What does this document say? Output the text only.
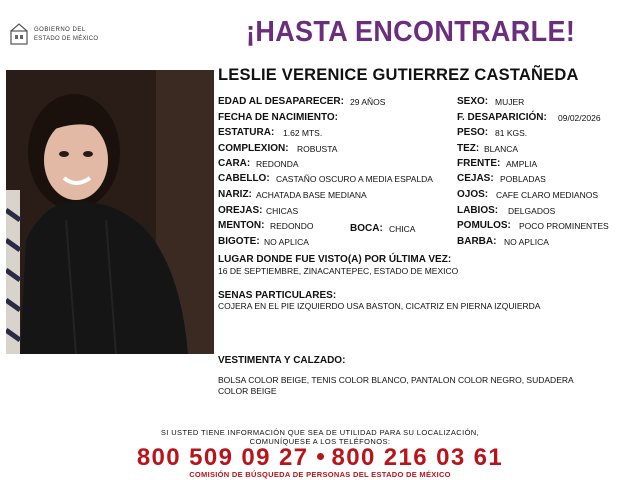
GOBIERNO DEL
ESTADO DE MÉXICO	¡HASTA ENCONTRARLE!
LESLIE VERENICE GUTIERREZ CASTAÑEDA
EDAD AL DESAPARECER: 29 AÑOS
FECHA DE NACIMIENTO:
ESTATURA: 1.62 MTS.
COMPLEXION: ROBUSTA
CARA: REDONDA
CABELLO: CASTAÑO OSCURO A MEDIA ESPALDA
NARIZ: ACHATADA BASE MEDIANA
OREJAS: CHICAS
MENTON: REDONDO	BOCA: CHICA
BIGOTE: NO APLICA
SEXO: MUJER
F. DESAPARICIÓN: 09/02/2026
PESO: 81 KGS.
TEZ: BLANCA
FRENTE: AMPLIA
CEJAS: POBLADAS
OJOS: CAFE CLARO MEDIANOS
LABIOS: DELGADOS
POMULOS: POCO PROMINENTES
BARBA: NO APLICA
LUGAR DONDE FUE VISTO(A) POR ÚLTIMA VEZ:
16 DE SEPTIEMBRE, ZINACANTEPEC, ESTADO DE MEXICO
SENAS PARTICULARES:
COJERA EN EL PIE IZQUIERDO USA BASTON, CICATRIZ EN PIERNA IZQUIERDA
VESTIMENTA Y CALZADO:
BOLSA COLOR BEIGE, TENIS COLOR BLANCO, PANTALON COLOR NEGRO, SUDADERA
COLOR BEIGE
SI USTED TIENE INFORMACIÓN QUE SEA DE UTILIDAD PARA SU LOCALIZACIÓN,
COMUNÍQUESE A LOS TELÉFONOS:
800 509 09 27 800 216 03 61
COMISIÓN DE BÚSQUEDA DE PERSONAS DEL ESTADO DE MÉXICO
